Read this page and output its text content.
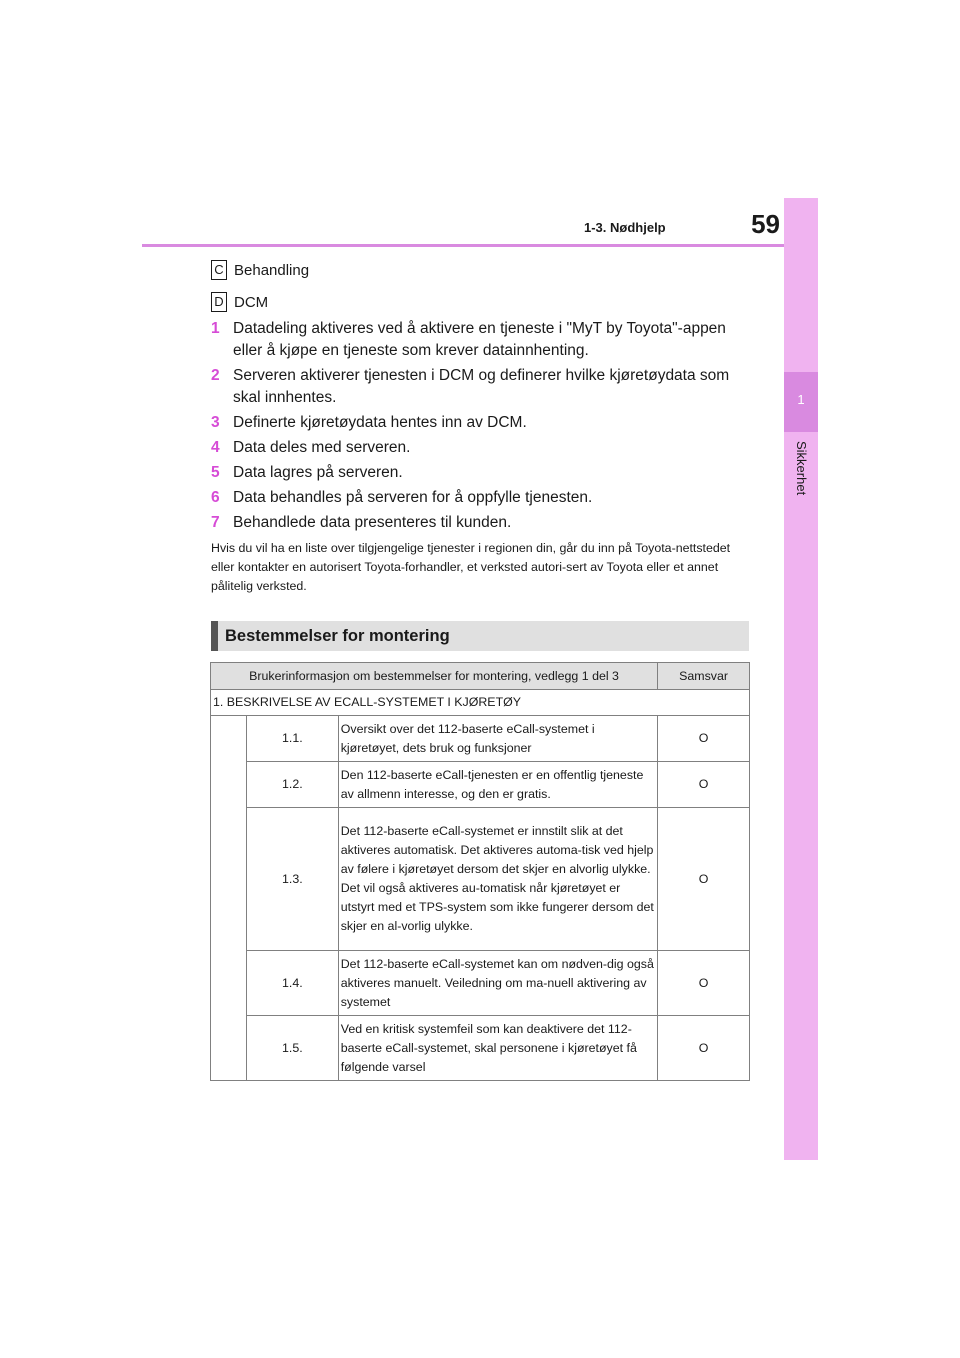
1
Sikkerhet
1-3. Nødhjelp	59
C Behandling
D DCM
1 Datadeling aktiveres ved å aktivere en tjeneste i "MyT by Toyota"-appen eller å kjøpe en tjeneste som krever datainnhenting.
2 Serveren aktiverer tjenesten i DCM og definerer hvilke kjøretøydata som skal innhentes.
3 Definerte kjøretøydata hentes inn av DCM.
4 Data deles med serveren.
5 Data lagres på serveren.
6 Data behandles på serveren for å oppfylle tjenesten.
7 Behandlede data presenteres til kunden.
Hvis du vil ha en liste over tilgjengelige tjenester i regionen din, går du inn på Toyota-nettstedet eller kontakter en autorisert Toyota-forhandler, et verksted autori-sert av Toyota eller et annet pålitelig verksted.
Bestemmelser for montering
Brukerinformasjon om bestemmelser for montering, vedlegg 1 del 3			Samsvar
1. BESKRIVELSE AV ECALL-SYSTEMET I KJØRETØY			
	1.1.	Oversikt over det 112-baserte eCall-systemet i kjøretøyet, dets bruk og funksjoner	O
	1.2.	Den 112-baserte eCall-tjenesten er en offentlig tjeneste av allmenn interesse, og den er gratis.	O
	1.3.	Det 112-baserte eCall-systemet er innstilt slik at det aktiveres automatisk. Det aktiveres automa-tisk ved hjelp av følere i kjøretøyet dersom det skjer en alvorlig ulykke. Det vil også aktiveres au-tomatisk når kjøretøyet er utstyrt med et TPS-system som ikke fungerer dersom det skjer en al-vorlig ulykke.	O
	1.4.	Det 112-baserte eCall-systemet kan om nødven-dig også aktiveres manuelt. Veiledning om ma-nuell aktivering av systemet	O
	1.5.	Ved en kritisk systemfeil som kan deaktivere det 112-baserte eCall-systemet, skal personene i kjøretøyet få følgende varsel	O
